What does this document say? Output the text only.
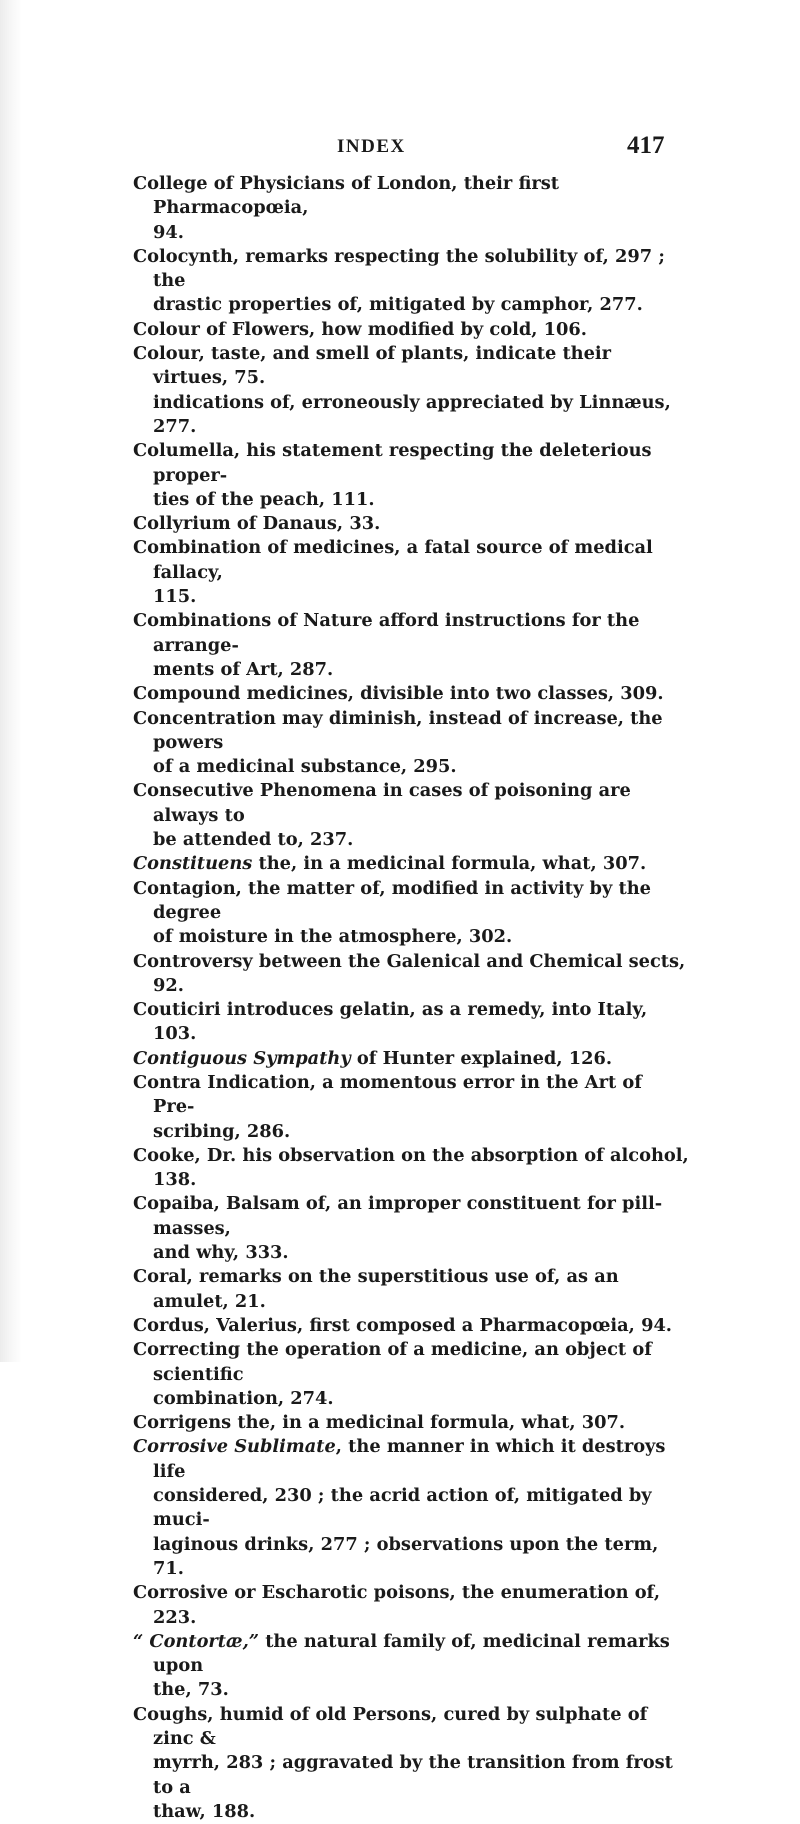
INDEX	417

College of Physicians of London, their first Pharmacopœia,
94.

Colocynth, remarks respecting the solubility of, 297 ; the
drastic properties of, mitigated by camphor, 277.

Colour of Flowers, how modified by cold, 106.

Colour, taste, and smell of plants, indicate their virtues, 75.
indications of, erroneously appreciated by Linnæus, 277.

Columella, his statement respecting the deleterious proper-
ties of the peach, 111.

Collyrium of Danaus, 33.

Combination of medicines, a fatal source of medical fallacy,
115.

Combinations of Nature afford instructions for the arrange-
ments of Art, 287.

Compound medicines, divisible into two classes, 309.

Concentration may diminish, instead of increase, the powers
of a medicinal substance, 295.

Consecutive Phenomena in cases of poisoning are always to
be attended to, 237.

Constituens the, in a medicinal formula, what, 307.

Contagion, the matter of, modified in activity by the degree
of moisture in the atmosphere, 302.

Controversy between the Galenical and Chemical sects, 92.

Couticiri introduces gelatin, as a remedy, into Italy, 103.

Contiguous Sympathy of Hunter explained, 126.

Contra Indication, a momentous error in the Art of Pre-
scribing, 286.

Cooke, Dr. his observation on the absorption of alcohol, 138.

Copaiba, Balsam of, an improper constituent for pill-masses,
and why, 333.

Coral, remarks on the superstitious use of, as an amulet, 21.

Cordus, Valerius, first composed a Pharmacopœia, 94.

Correcting the operation of a medicine, an object of scientific
combination, 274.

Corrigens the, in a medicinal formula, what, 307.

Corrosive Sublimate, the manner in which it destroys life
considered, 230 ; the acrid action of, mitigated by muci-
laginous drinks, 277 ; observations upon the term, 71.

Corrosive or Escharotic poisons, the enumeration of, 223.

“ Contortæ,” the natural family of, medicinal remarks upon
the, 73.

Coughs, humid of old Persons, cured by sulphate of zinc &
myrrh, 283 ; aggravated by the transition from frost to a
thaw, 188.
